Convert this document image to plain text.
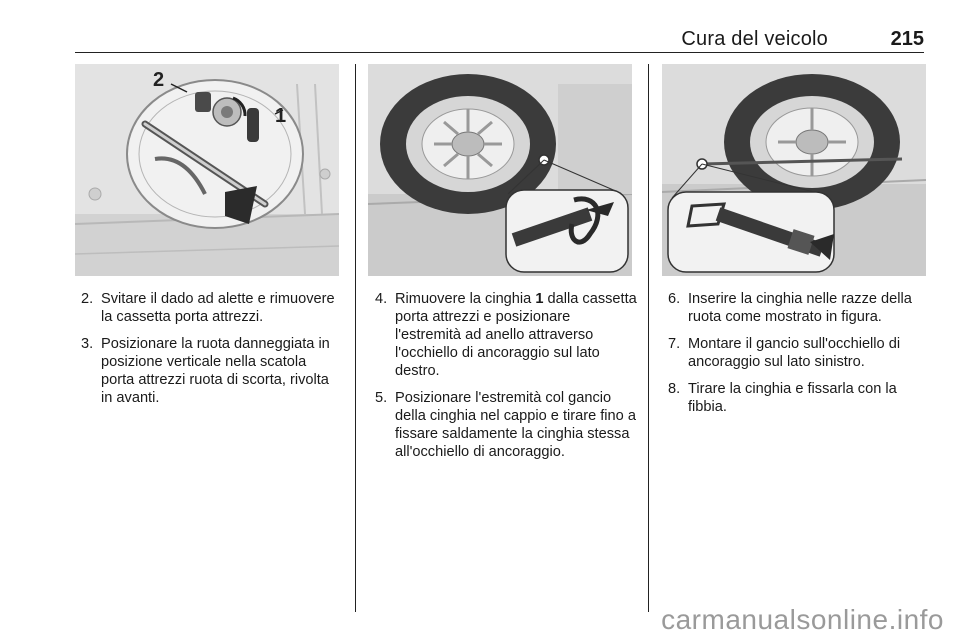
Cura del veicolo	215
2
1
2. Svitare il dado ad alette e rimuovere la cassetta porta attrezzi.
3. Posizionare la ruota danneggiata in posizione verticale nella scatola porta attrezzi ruota di scorta, rivolta in avanti.
4. Rimuovere la cinghia 1 dalla cassetta porta attrezzi e posizionare l'estremità ad anello attraverso l'occhiello di ancoraggio sul lato destro.
5. Posizionare l'estremità col gancio della cinghia nel cappio e tirare fino a fissare saldamente la cinghia stessa all'occhiello di ancoraggio.
6. Inserire la cinghia nelle razze della ruota come mostrato in figura.
7. Montare il gancio sull'occhiello di ancoraggio sul lato sinistro.
8. Tirare la cinghia e fissarla con la fibbia.
carmanualsonline.info
